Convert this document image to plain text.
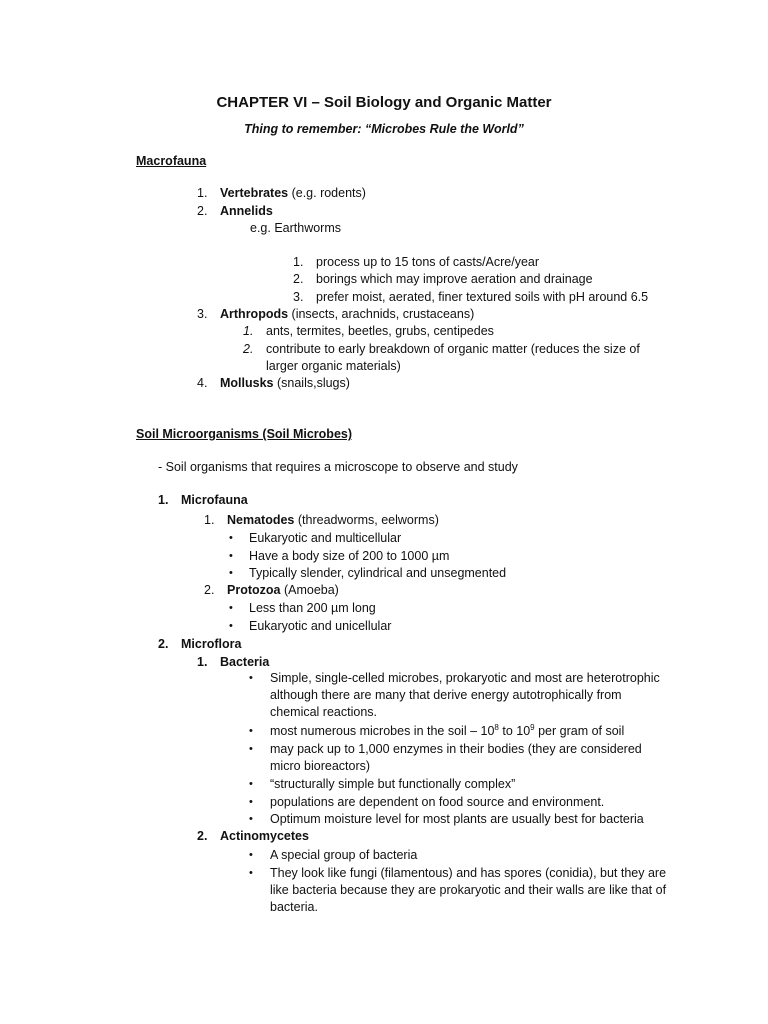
CHAPTER VI – Soil Biology and Organic Matter
Thing to remember: “Microbes Rule the World”
Macrofauna
1. Vertebrates (e.g. rodents)
2. Annelids
e.g. Earthworms
1. process up to 15 tons of casts/Acre/year
2. borings which may improve aeration and drainage
3. prefer moist, aerated, finer textured soils with pH around 6.5
3. Arthropods (insects, arachnids, crustaceans)
1. ants, termites, beetles, grubs, centipedes
2. contribute to early breakdown of organic matter (reduces the size of
larger organic materials)
4. Mollusks (snails,slugs)
Soil Microorganisms (Soil Microbes)
- Soil organisms that requires a microscope to observe and study
1. Microfauna
1. Nematodes (threadworms, eelworms)
• Eukaryotic and multicellular
• Have a body size of 200 to 1000 µm
• Typically slender, cylindrical and unsegmented
2. Protozoa (Amoeba)
• Less than 200 µm long
• Eukaryotic and unicellular
2. Microflora
1. Bacteria
• Simple, single-celled microbes, prokaryotic and most are heterotrophic
although there are many that derive energy autotrophically from
chemical reactions.
• most numerous microbes in the soil – $10^8$ to $10^9$ per gram of soil
• may pack up to 1,000 enzymes in their bodies (they are considered
micro bioreactors)
• “structurally simple but functionally complex”
• populations are dependent on food source and environment.
• Optimum moisture level for most plants are usually best for bacteria
2. Actinomycetes
• A special group of bacteria
• They look like fungi (filamentous) and has spores (conidia), but they are
like bacteria because they are prokaryotic and their walls are like that of
bacteria.
